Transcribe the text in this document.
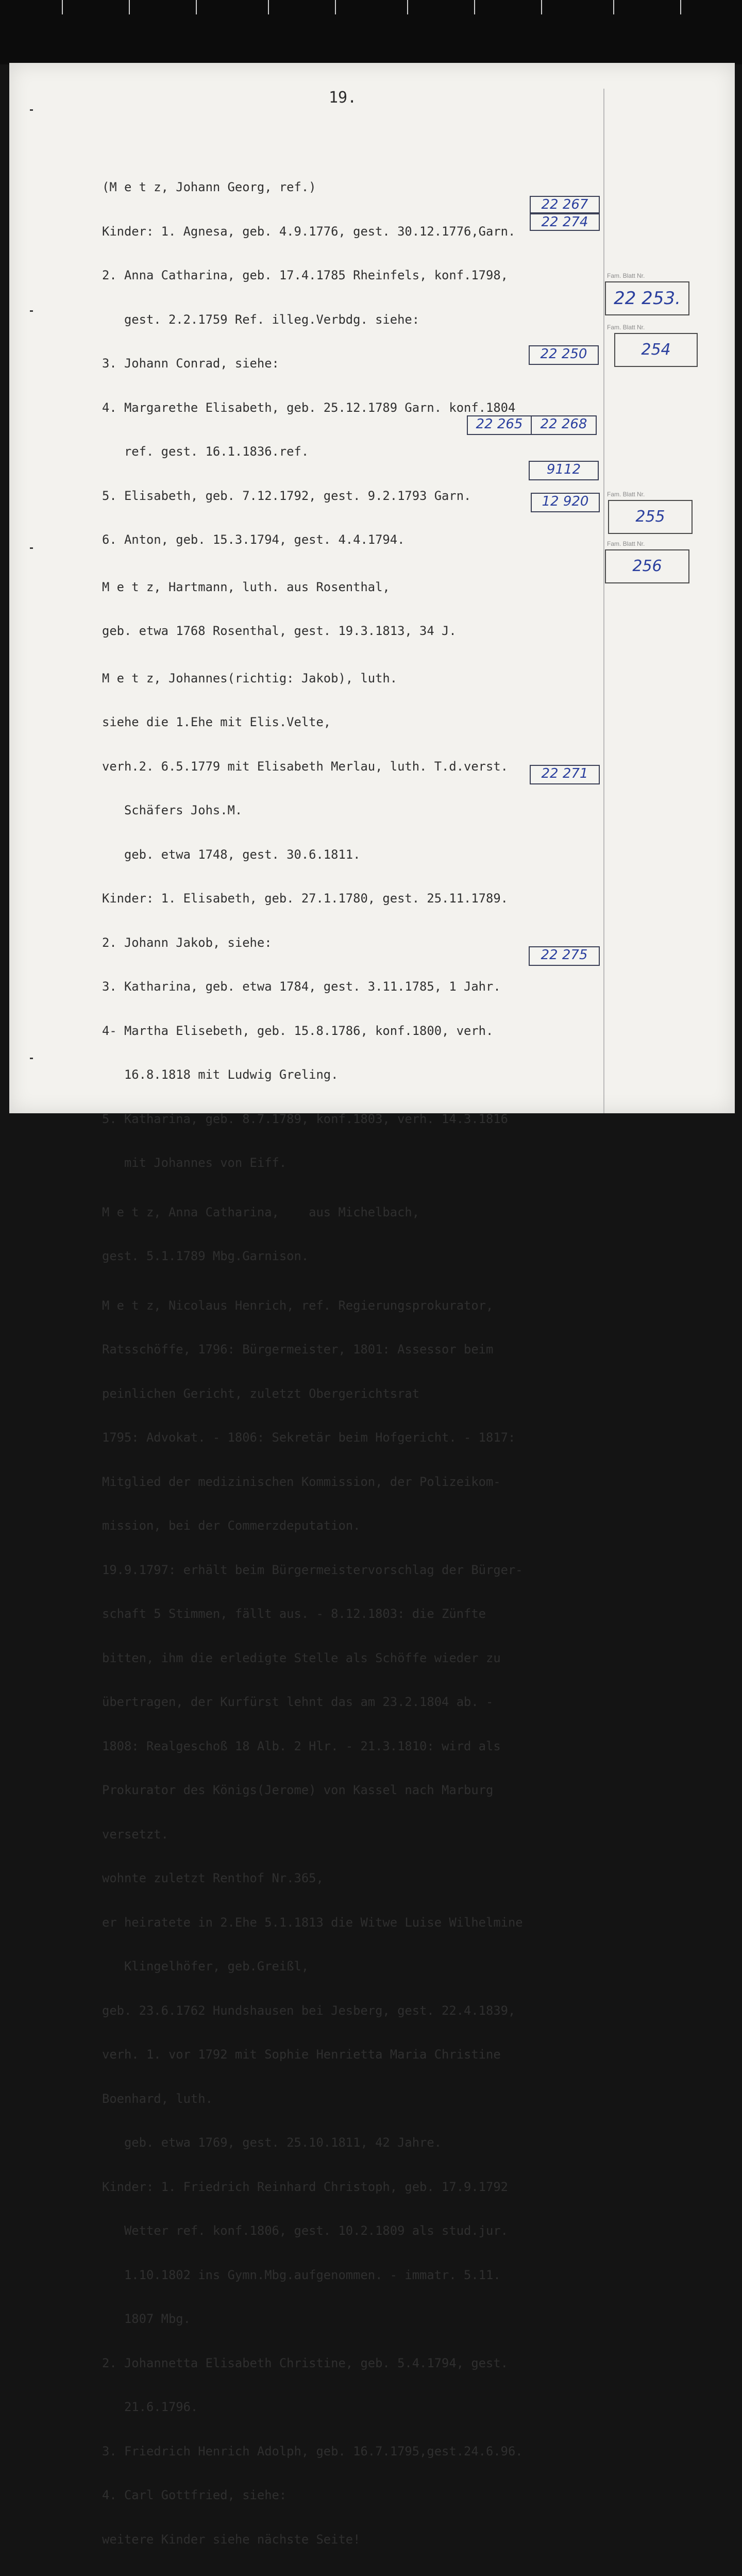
19.

(M e t z, Johann Georg, ref.)

Kinder: 1. Agnesa, geb. 4.9.1776, gest. 30.12.1776,Garn.

2. Anna Catharina, geb. 17.4.1785 Rheinfels, konf.1798,

gest. 2.2.1759 Ref. illeg.Verbdg. siehe:

3. Johann Conrad, siehe:

4. Margarethe Elisabeth, geb. 25.12.1789 Garn. konf.1804

ref. gest. 16.1.1836.ref.

5. Elisabeth, geb. 7.12.1792, gest. 9.2.1793 Garn.

6. Anton, geb. 15.3.1794, gest. 4.4.1794.

M e t z, Hartmann, luth. aus Rosenthal,

geb. etwa 1768 Rosenthal, gest. 19.3.1813, 34 J.

M e t z, Johannes(richtig: Jakob), luth.

siehe die 1.Ehe mit Elis.Velte,

verh.2. 6.5.1779 mit Elisabeth Merlau, luth. T.d.verst.

Schäfers Johs.M.

geb. etwa 1748, gest. 30.6.1811.

Kinder: 1. Elisabeth, geb. 27.1.1780, gest. 25.11.1789.

2. Johann Jakob, siehe:

3. Katharina, geb. etwa 1784, gest. 3.11.1785, 1 Jahr.

4- Martha Elisebeth, geb. 15.8.1786, konf.1800, verh.

16.8.1818 mit Ludwig Greling.

5. Katharina, geb. 8.7.1789, konf.1803, verh. 14.3.1816

mit Johannes von Eiff.

M e t z, Anna Catharina,    aus Michelbach,

gest. 5.1.1789 Mbg.Garnison.

M e t z, Nicolaus Henrich, ref. Regierungsprokurator,

Ratsschöffe, 1796: Bürgermeister, 1801: Assessor beim

peinlichen Gericht, zuletzt Obergerichtsrat

1795: Advokat. - 1806: Sekretär beim Hofgericht. - 1817:

Mitglied der medizinischen Kommission, der Polizeikom-

mission, bei der Commerzdeputation.

19.9.1797: erhält beim Bürgermeistervorschlag der Bürger-

schaft 5 Stimmen, fällt aus. - 8.12.1803: die Zünfte

bitten, ihm die erledigte Stelle als Schöffe wieder zu

übertragen, der Kurfürst lehnt das am 23.2.1804 ab. -

1808: Realgeschoß 18 Alb. 2 Hlr. - 21.3.1810: wird als

Prokurator des Königs(Jerome) von Kassel nach Marburg

versetzt.

wohnte zuletzt Renthof Nr.365,

er heiratete in 2.Ehe 5.1.1813 die Witwe Luise Wilhelmine

Klingelhöfer, geb.Greißl,

geb. 23.6.1762 Hundshausen bei Jesberg, gest. 22.4.1839,

verh. 1. vor 1792 mit Sophie Henrietta Maria Christine

Boenhard, luth.

geb. etwa 1769, gest. 25.10.1811, 42 Jahre.

Kinder: 1. Friedrich Reinhard Christoph, geb. 17.9.1792

Wetter ref. konf.1806, gest. 10.2.1809 als stud.jur.

1.10.1802 ins Gymn.Mbg.aufgenommen. - immatr. 5.11.

1807 Mbg.

2. Johannetta Elisabeth Christine, geb. 5.4.1794, gest.

21.6.1796.

3. Friedrich Henrich Adolph, geb. 16.7.1795,gest.24.6.96.

4. Carl Gottfried, siehe:

weitere Kinder siehe nächste Seite!

22 267
22 274
22 250
22 265	22 268
9112
12 920
22 271
22 275
Fam. Blatt Nr.
22 253.
Fam. Blatt Nr.
254
Fam. Blatt Nr.
255
Fam. Blatt Nr.
256
